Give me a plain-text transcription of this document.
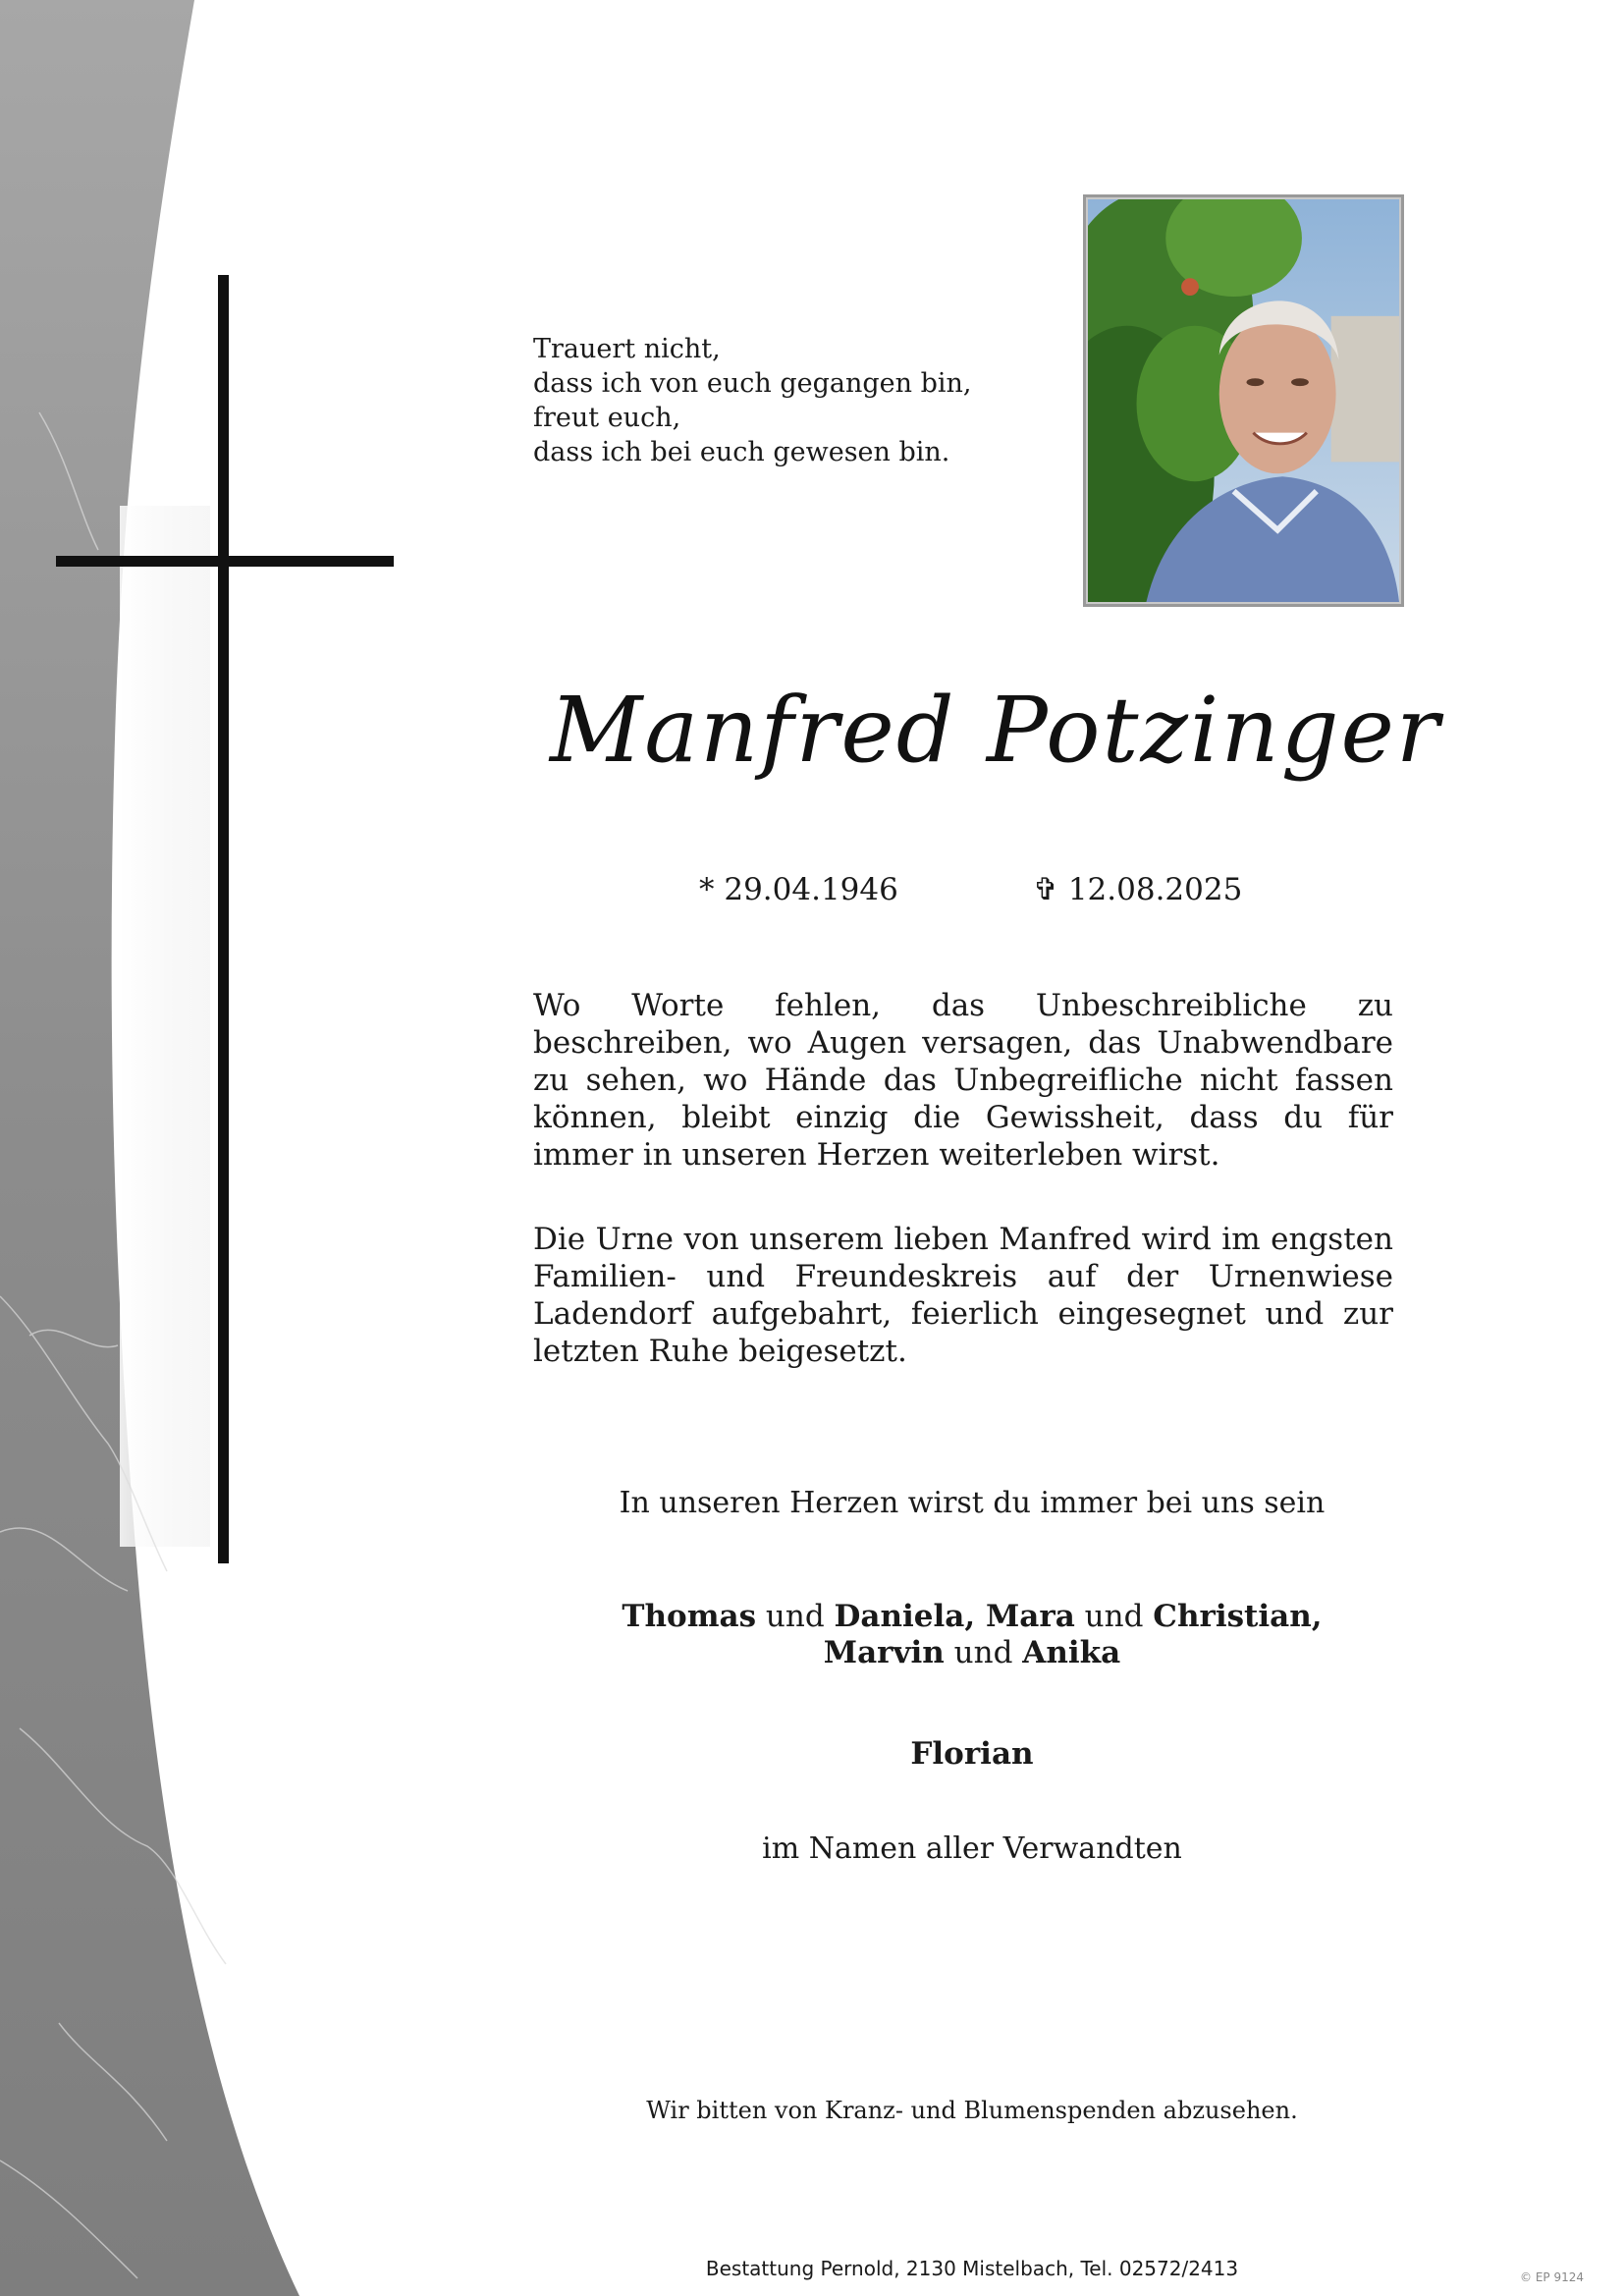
Trauert nicht,
dass ich von euch gegangen bin,
freut euch,
dass ich bei euch gewesen bin.
Manfred Potzinger
* 29.04.1946	✞ 12.08.2025
Wo Worte fehlen, das Unbeschreibliche zu beschreiben, wo Augen versagen, das Unabwendbare zu sehen, wo Hände das Unbegreifliche nicht fassen können, bleibt einzig die Gewissheit, dass du für immer in unseren Herzen weiterleben wirst.
Die Urne von unserem lieben Manfred wird im engsten Familien- und Freundeskreis auf der Urnenwiese Ladendorf aufgebahrt, feierlich eingesegnet und zur letzten Ruhe beigesetzt.
In unseren Herzen wirst du immer bei uns sein
Thomas und Daniela, Mara und Christian,
Marvin und Anika
Florian
im Namen aller Verwandten
Wir bitten von Kranz- und Blumenspenden abzusehen.
Bestattung Pernold, 2130 Mistelbach, Tel. 02572/2413	© EP 9124
